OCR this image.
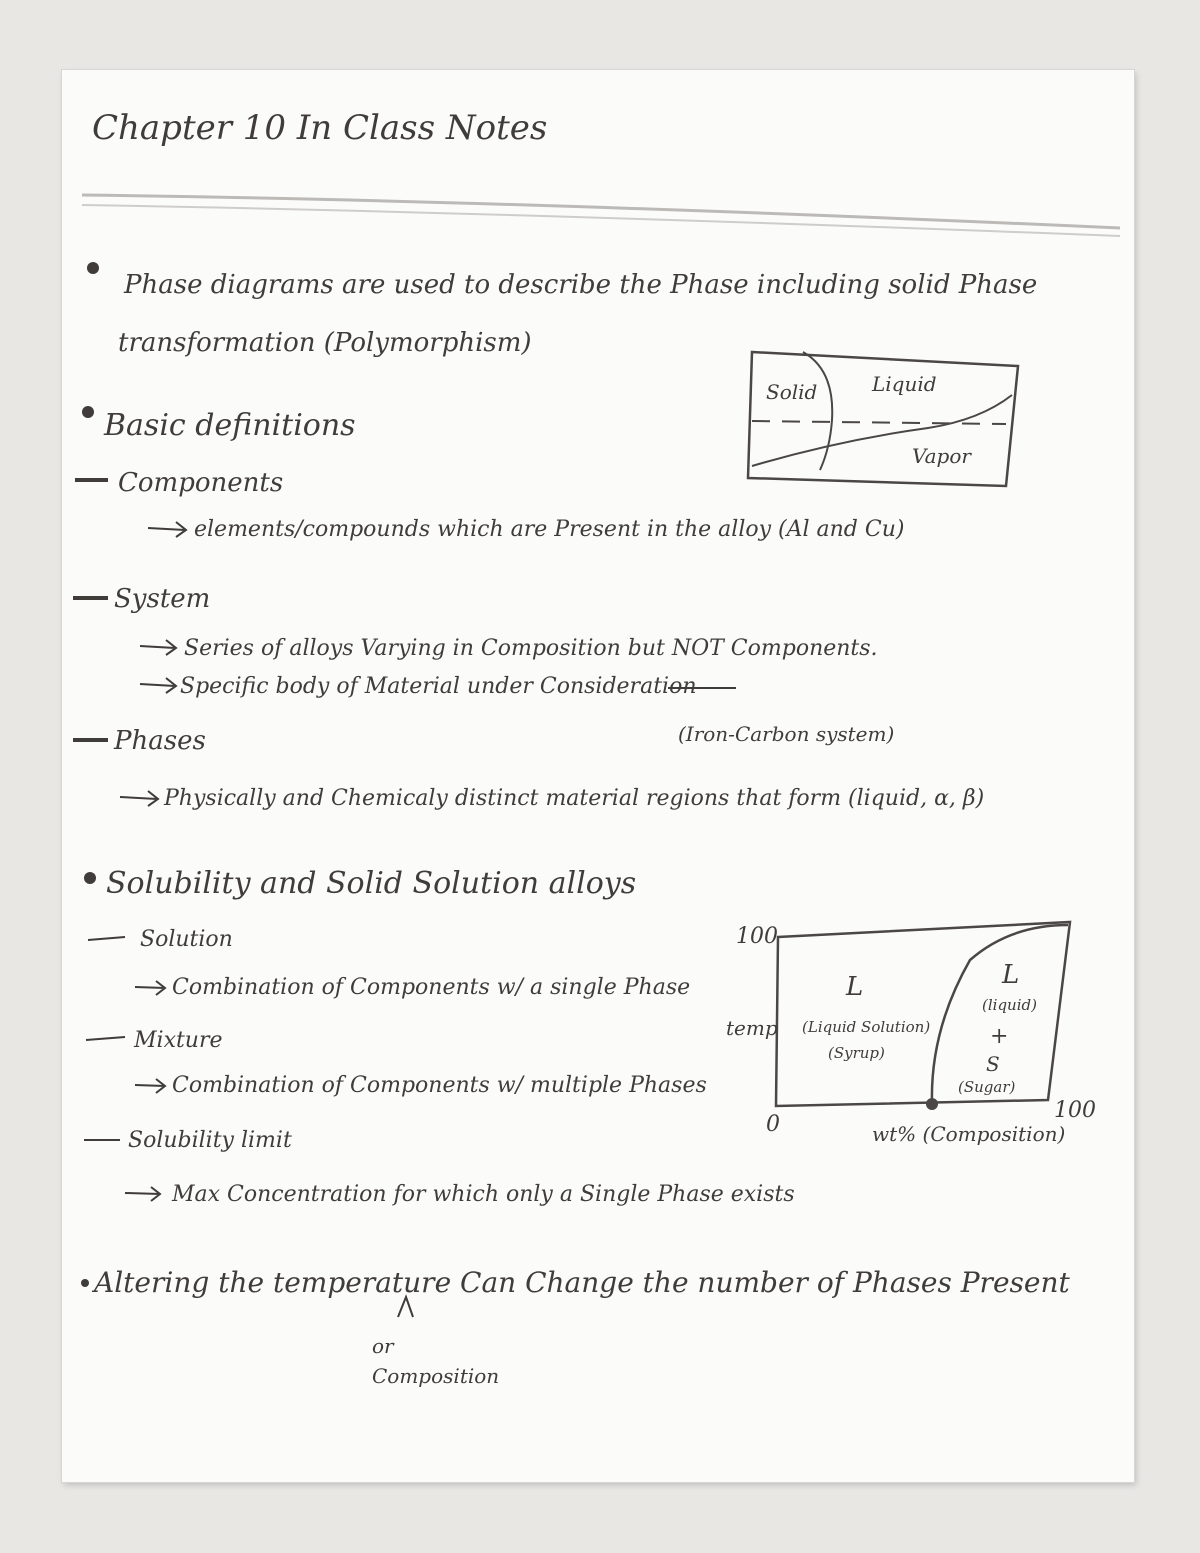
Chapter 10 In Class Notes
Phase diagrams are used to describe the Phase including solid Phase
transformation (Polymorphism)
Basic definitions
Components
elements/compounds which are Present in the alloy (Al and Cu)
System
Series of alloys Varying in Composition but NOT Components.
Specific body of Material under Consideration
(Iron-Carbon system)
Phases
Physically and Chemicaly distinct material regions that form (liquid, α, β)
Solubility and Solid Solution alloys
Solution
Combination of Components w/ a single Phase
Mixture
Combination of Components w/ multiple Phases
Solubility limit
Max Concentration for which only a Single Phase exists
Altering the temperature Can Change the number of Phases Present
or
Composition
Solid	Liquid
Vapor
100
temp
0
100
wt% (Composition)
L
(Liquid Solution)
(Syrup)
L
(liquid)
+
S
(Sugar)
